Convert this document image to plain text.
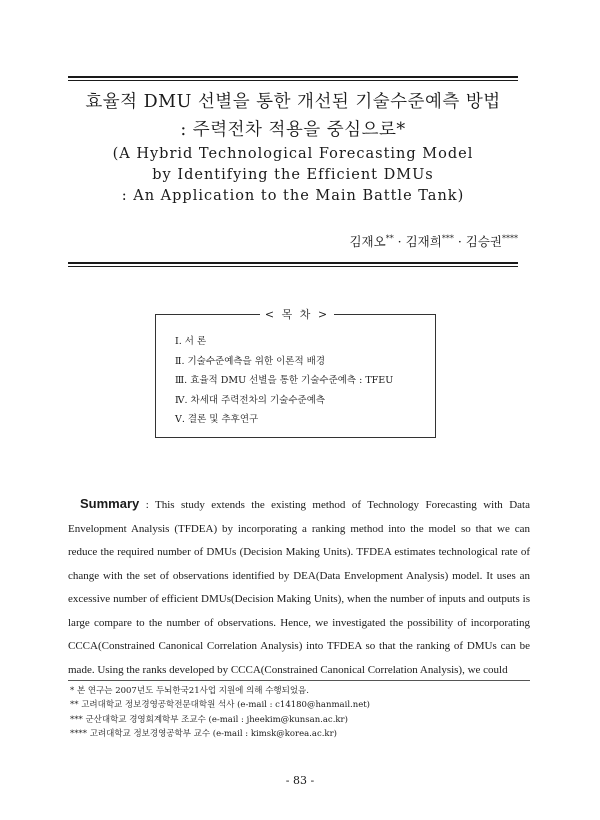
효율적 DMU 선별을 통한 개선된 기술수준예측 방법
: 주력전차 적용을 중심으로*
(A Hybrid Technological Forecasting Model
by Identifying the Efficient DMUs
: An Application to the Main Battle Tank)
김재오** · 김재희*** · 김승권****
< 목 차 >
Ⅰ. 서 론
Ⅱ. 기술수준예측을 위한 이론적 배경
Ⅲ. 효율적 DMU 선별을 통한 기술수준예측 : TFEU
Ⅳ. 차세대 주력전차의 기술수준예측
Ⅴ. 결론 및 추후연구
Summary : This study extends the existing method of Technology Forecasting with Data Envelopment Analysis (TFDEA) by incorporating a ranking method into the model so that we can reduce the required number of DMUs (Decision Making Units). TFDEA estimates technological rate of change with the set of observations identified by DEA(Data Envelopment Analysis) model. It uses an excessive number of efficient DMUs(Decision Making Units), when the number of inputs and outputs is large compare to the number of observations. Hence, we investigated the possibility of incorporating CCCA(Constrained Canonical Correlation Analysis) into TFDEA so that the ranking of DMUs can be made. Using the ranks developed by CCCA(Constrained Canonical Correlation Analysis), we could
* 본 연구는 2007년도 두뇌한국21사업 지원에 의해 수행되었음.
** 고려대학교 정보경영공학전문대학원 석사 (e-mail : c14180@hanmail.net)
*** 군산대학교 경영회계학부 조교수 (e-mail : jheekim@kunsan.ac.kr)
**** 고려대학교 정보경영공학부 교수 (e-mail : kimsk@korea.ac.kr)
- 83 -
